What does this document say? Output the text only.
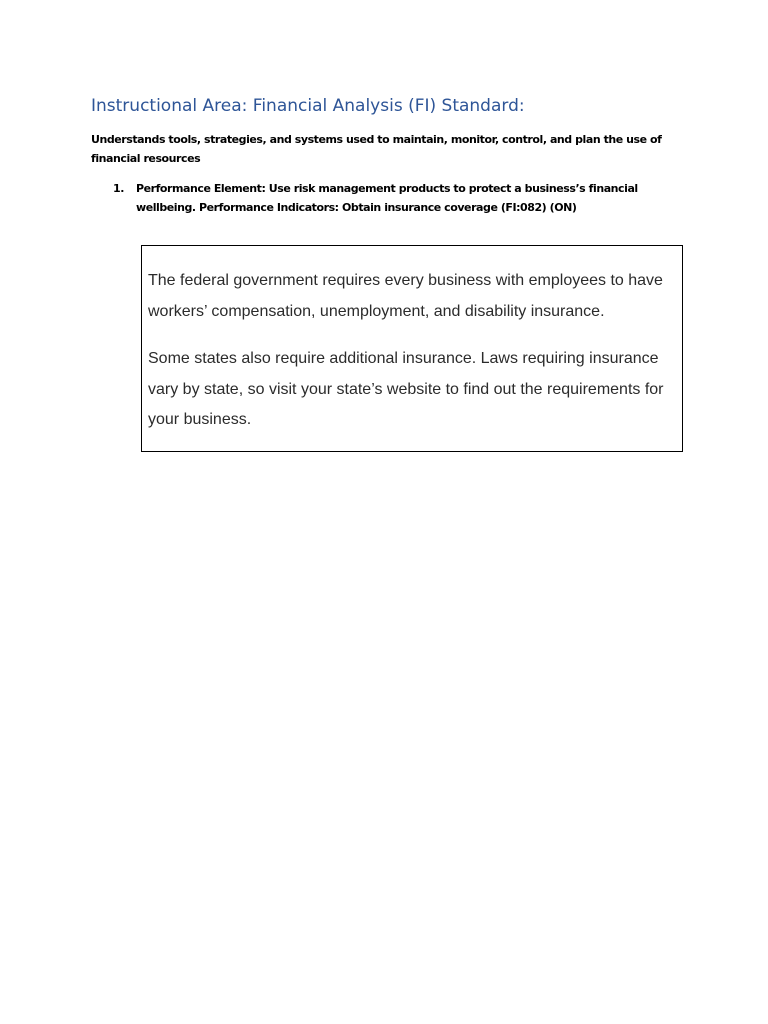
Instructional Area: Financial Analysis (FI) Standard:

Understands tools, strategies, and systems used to maintain, monitor, control, and plan the use of financial resources

1. Performance Element: Use risk management products to protect a business’s financial wellbeing. Performance Indicators: Obtain insurance coverage (FI:082) (ON)

The federal government requires every business with employees to have workers’ compensation, unemployment, and disability insurance.

Some states also require additional insurance. Laws requiring insurance vary by state, so visit your state’s website to find out the requirements for your business.
